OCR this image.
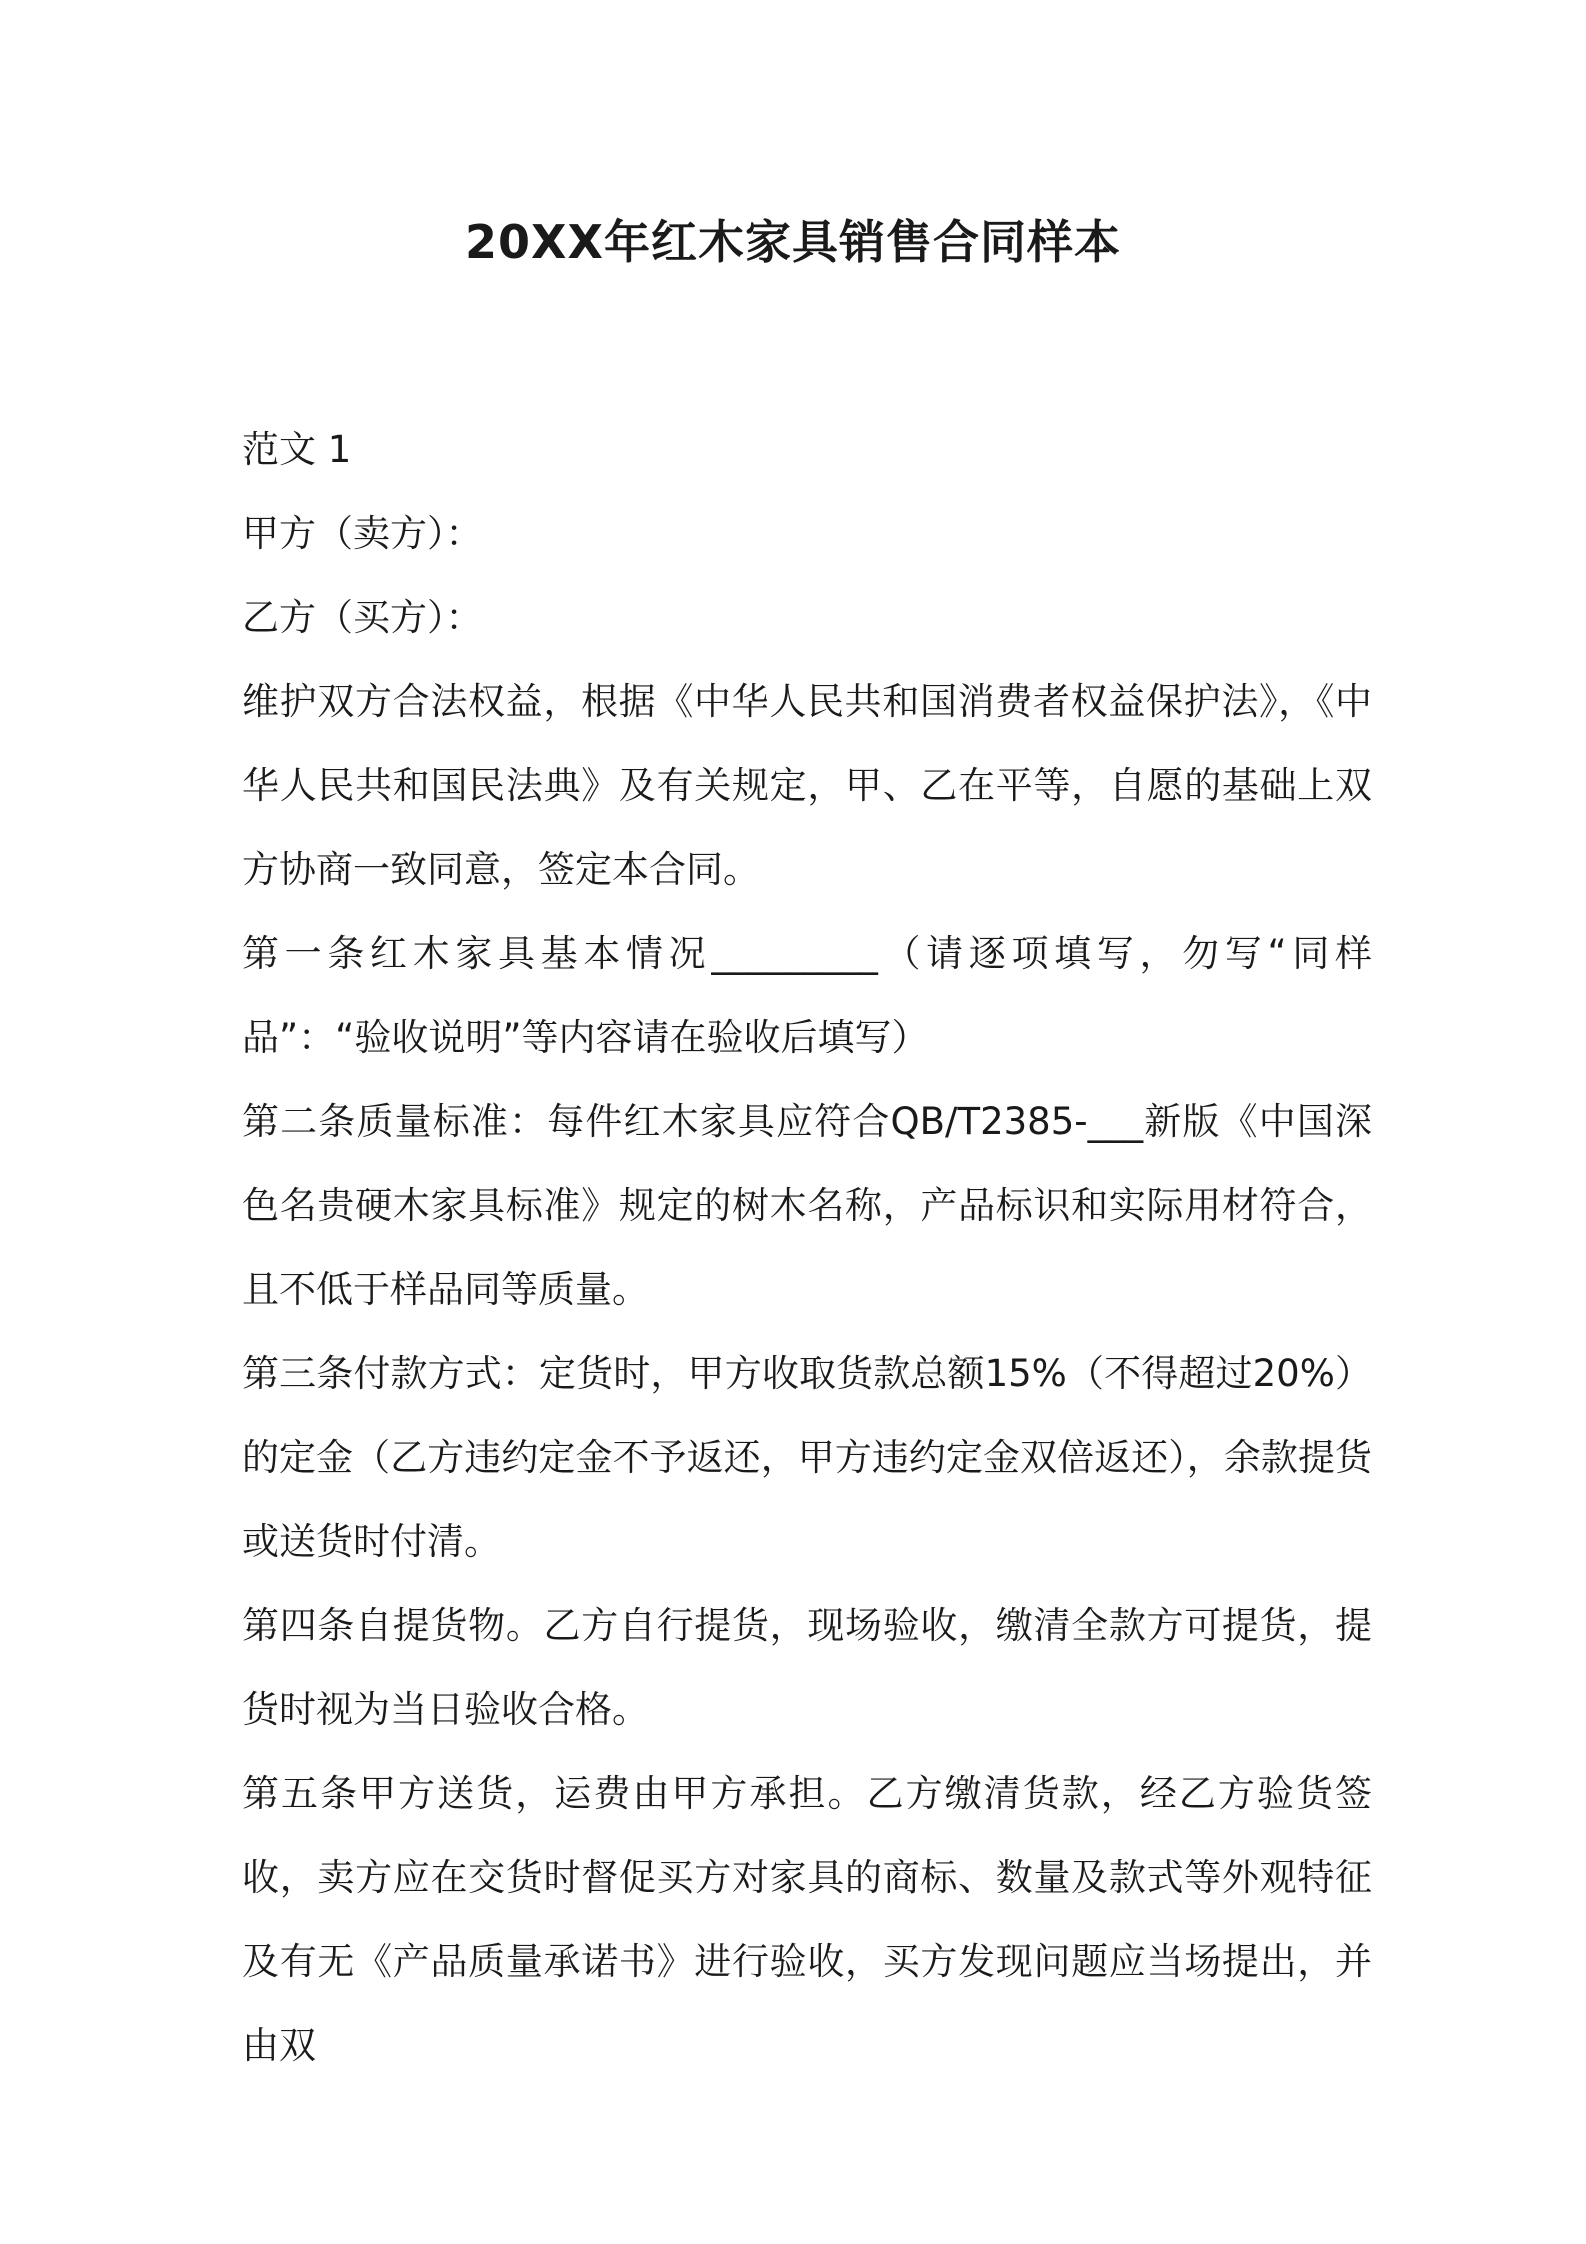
20XX年红木家具销售合同样本

范文 1

甲方（卖方）：

乙方（买方）：

维护双方合法权益，根据《中华人民共和国消费者权益保护法》，《中华人民共和国民法典》及有关规定，甲、乙在平等，自愿的基础上双方协商一致同意，签定本合同。

第一条红木家具基本情况_________（请逐项填写，勿写“同样品”：“验收说明”等内容请在验收后填写）

第二条质量标准：每件红木家具应符合QB/T2385-___新版《中国深色名贵硬木家具标准》规定的树木名称，产品标识和实际用材符合，且不低于样品同等质量。

第三条付款方式：定货时，甲方收取货款总额15%（不得超过20%）的定金（乙方违约定金不予返还，甲方违约定金双倍返还），余款提货或送货时付清。

第四条自提货物。乙方自行提货，现场验收，缴清全款方可提货，提货时视为当日验收合格。

第五条甲方送货，运费由甲方承担。乙方缴清货款，经乙方验货签收，卖方应在交货时督促买方对家具的商标、数量及款式等外观特征及有无《产品质量承诺书》进行验收，买方发现问题应当场提出，并由双
